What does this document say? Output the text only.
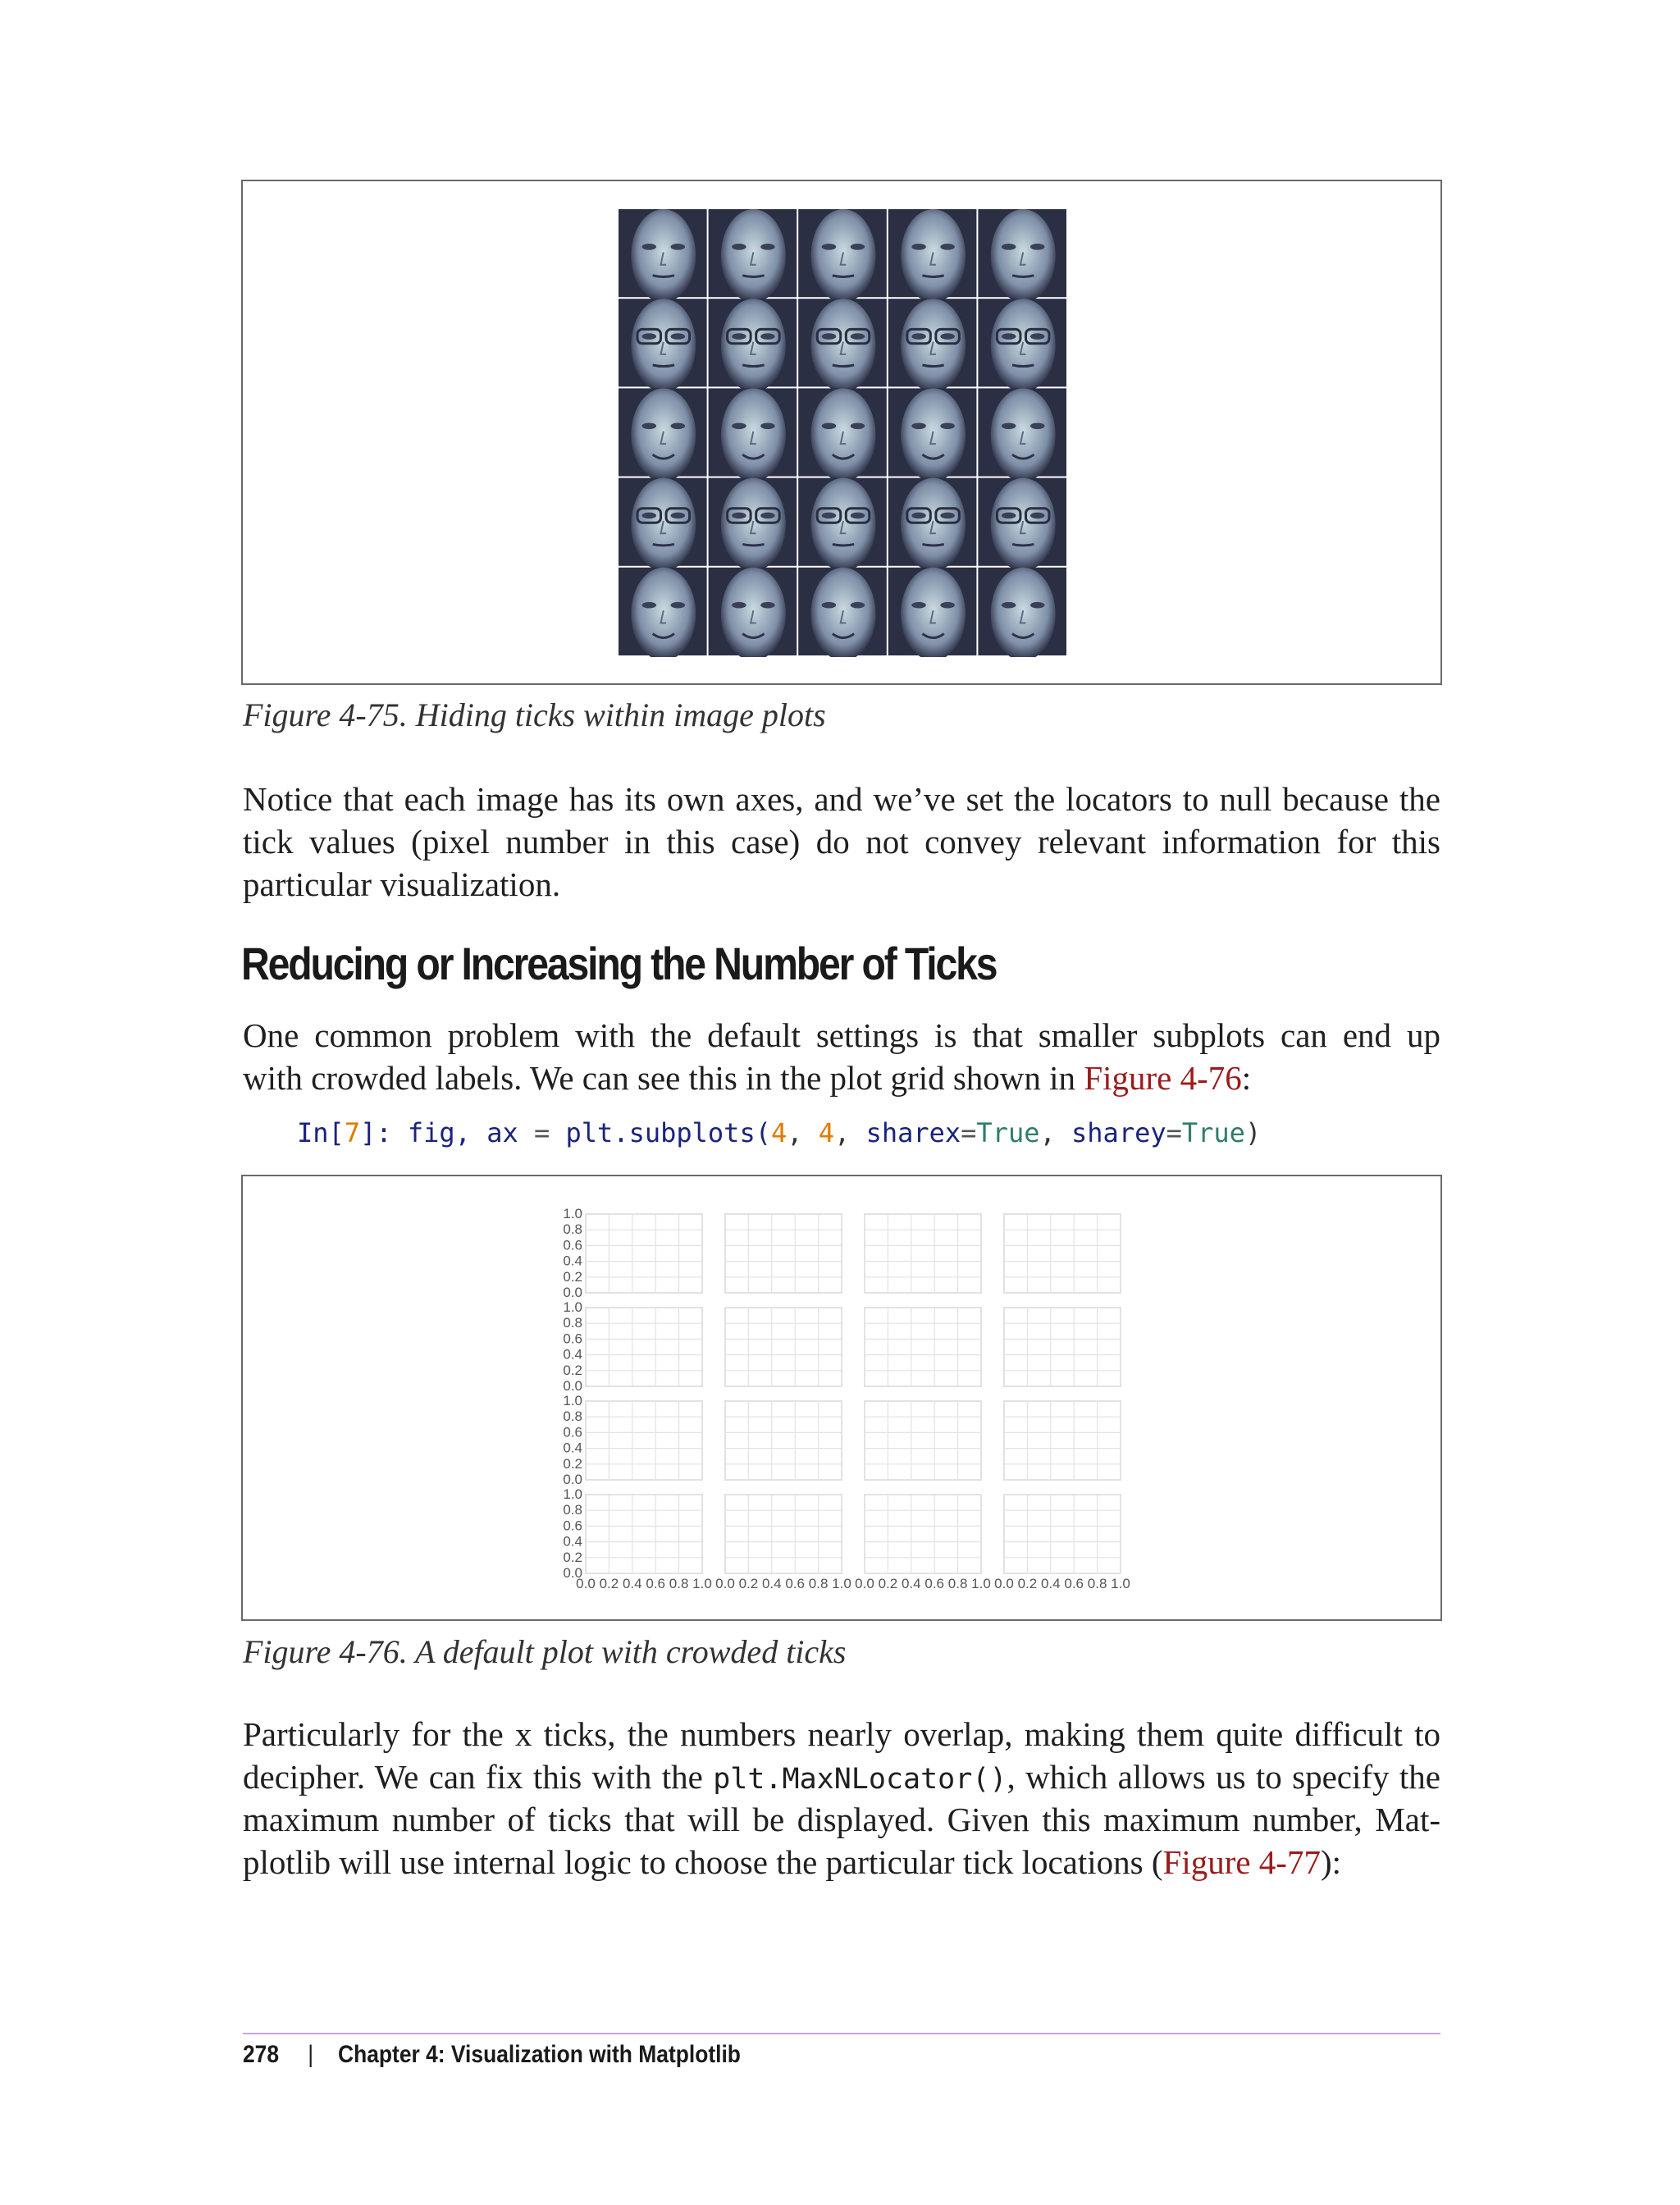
Figure 4-75. Hiding ticks within image plots
Notice that each image has its own axes, and we’ve set the locators to null because the
tick values (pixel number in this case) do not convey relevant information for this
particular visualization.
Reducing or Increasing the Number of Ticks
One common problem with the default settings is that smaller subplots can end up
with crowded labels. We can see this in the plot grid shown in Figure 4-76:
In[7]: fig, ax = plt.subplots(4, 4, sharex=True, sharey=True)
1.0
0.8
0.6
0.4
0.2
0.0
1.0
0.8
0.6
0.4
0.2
0.0
1.0
0.8
0.6
0.4
0.2
0.0
1.0
0.8
0.6
0.4
0.2
0.0
0.0 0.2 0.4 0.6 0.8 1.0 0.0 0.2 0.4 0.6 0.8 1.0 0.0 0.2 0.4 0.6 0.8 1.0 0.0 0.2 0.4 0.6 0.8 1.0
Figure 4-76. A default plot with crowded ticks
Particularly for the x ticks, the numbers nearly overlap, making them quite difficult to
decipher. We can fix this with the plt.MaxNLocator(), which allows us to specify the
maximum number of ticks that will be displayed. Given this maximum number, Mat-
plotlib will use internal logic to choose the particular tick locations (Figure 4-77):
278 | Chapter 4: Visualization with Matplotlib
